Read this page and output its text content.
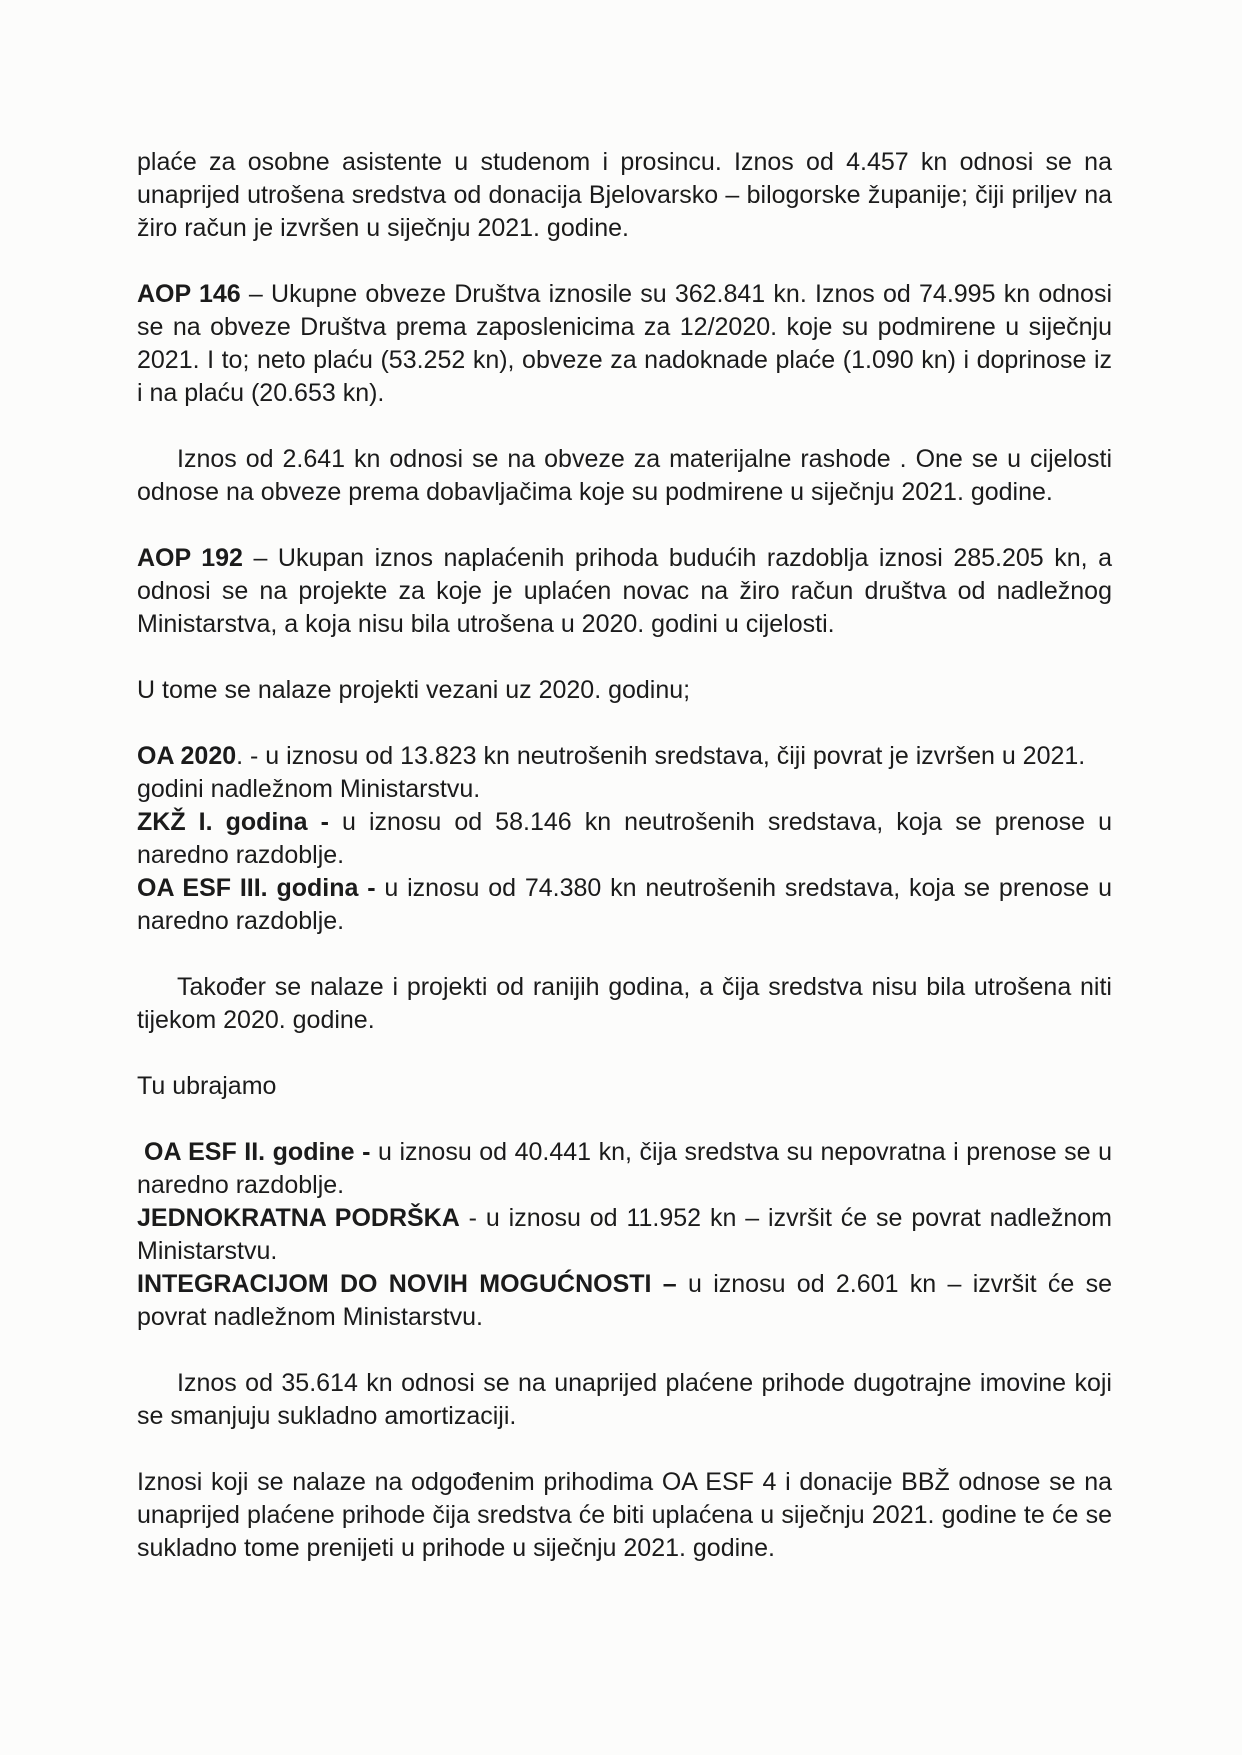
plaće za osobne asistente u studenom i prosincu. Iznos od 4.457 kn odnosi se na unaprijed utrošena sredstva od donacija Bjelovarsko – bilogorske županije; čiji priljev na žiro račun je izvršen u siječnju 2021. godine.

AOP 146 – Ukupne obveze Društva iznosile su 362.841 kn. Iznos od 74.995 kn odnosi se na obveze Društva prema zaposlenicima za 12/2020. koje su podmirene u siječnju 2021. I to; neto plaću (53.252 kn), obveze za nadoknade plaće (1.090 kn) i doprinose iz i na plaću (20.653 kn).

Iznos od 2.641 kn odnosi se na obveze za materijalne rashode . One se u cijelosti odnose na obveze prema dobavljačima koje su podmirene u siječnju 2021. godine.

AOP 192 – Ukupan iznos naplaćenih prihoda budućih razdoblja iznosi 285.205 kn, a odnosi se na projekte za koje je uplaćen novac na žiro račun društva od nadležnog Ministarstva, a koja nisu bila utrošena u 2020. godini u cijelosti.

U tome se nalaze projekti vezani uz 2020. godinu;

OA 2020. - u iznosu od 13.823 kn neutrošenih sredstava, čiji povrat je izvršen u 2021. godini nadležnom Ministarstvu.

ZKŽ I. godina - u iznosu od 58.146 kn neutrošenih sredstava, koja se prenose u naredno razdoblje.

OA ESF III. godina - u iznosu od 74.380 kn neutrošenih sredstava, koja se prenose u naredno razdoblje.

Također se nalaze i projekti od ranijih godina, a čija sredstva nisu bila utrošena niti tijekom 2020. godine.

Tu ubrajamo

OA ESF II. godine - u iznosu od 40.441 kn, čija sredstva su nepovratna i prenose se u naredno razdoblje.

JEDNOKRATNA PODRŠKA - u iznosu od 11.952 kn – izvršit će se povrat nadležnom Ministarstvu.

INTEGRACIJOM DO NOVIH MOGUĆNOSTI – u iznosu od 2.601 kn – izvršit će se povrat nadležnom Ministarstvu.

Iznos od 35.614 kn odnosi se na unaprijed plaćene prihode dugotrajne imovine koji se smanjuju sukladno amortizaciji.

Iznosi koji se nalaze na odgođenim prihodima OA ESF 4 i donacije BBŽ odnose se na unaprijed plaćene prihode čija sredstva će biti uplaćena u siječnju 2021. godine te će se sukladno tome prenijeti u prihode u siječnju 2021. godine.
